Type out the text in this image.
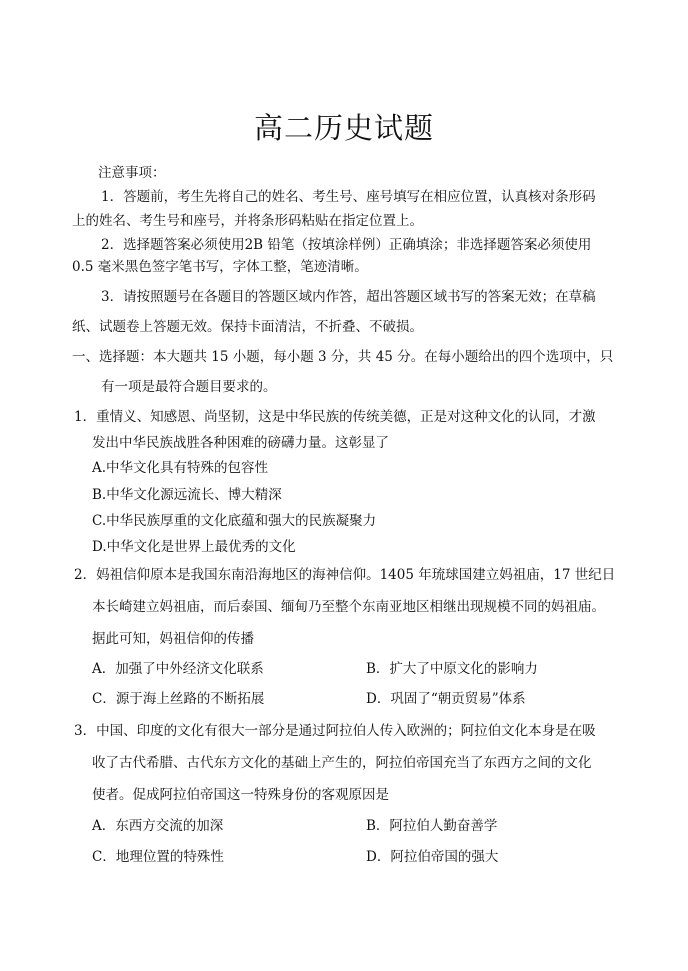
高二历史试题
注意事项：
1．答题前，考生先将自己的姓名、考生号、座号填写在相应位置，认真核对条形码
上的姓名、考生号和座号，并将条形码粘贴在指定位置上。
2．选择题答案必须使用2B 铅笔（按填涂样例）正确填涂；非选择题答案必须使用
0.5 毫米黑色签字笔书写，字体工整，笔迹清晰。
3．请按照题号在各题目的答题区域内作答，超出答题区域书写的答案无效；在草稿
纸、试题卷上答题无效。保持卡面清洁，不折叠、不破损。
一、选择题：本大题共 15 小题，每小题 3 分，共 45 分。在每小题给出的四个选项中，只
有一项是最符合题目要求的。
1．重情义、知感恩、尚坚韧，这是中华民族的传统美德，正是对这种文化的认同，才激
发出中华民族战胜各种困难的磅礴力量。这彰显了
A.中华文化具有特殊的包容性
B.中华文化源远流长、博大精深
C.中华民族厚重的文化底蕴和强大的民族凝聚力
D.中华文化是世界上最优秀的文化
2．妈祖信仰原本是我国东南沿海地区的海神信仰。1405 年琉球国建立妈祖庙，17 世纪日
本长崎建立妈祖庙，而后泰国、缅甸乃至整个东南亚地区相继出现规模不同的妈祖庙。
据此可知，妈祖信仰的传播
A．加强了中外经济文化联系	B．扩大了中原文化的影响力
C．源于海上丝路的不断拓展	D．巩固了“朝贡贸易”体系
3．中国、印度的文化有很大一部分是通过阿拉伯人传入欧洲的；阿拉伯文化本身是在吸
收了古代希腊、古代东方文化的基础上产生的，阿拉伯帝国充当了东西方之间的文化
使者。促成阿拉伯帝国这一特殊身份的客观原因是
A．东西方交流的加深	B．阿拉伯人勤奋善学
C．地理位置的特殊性	D．阿拉伯帝国的强大
